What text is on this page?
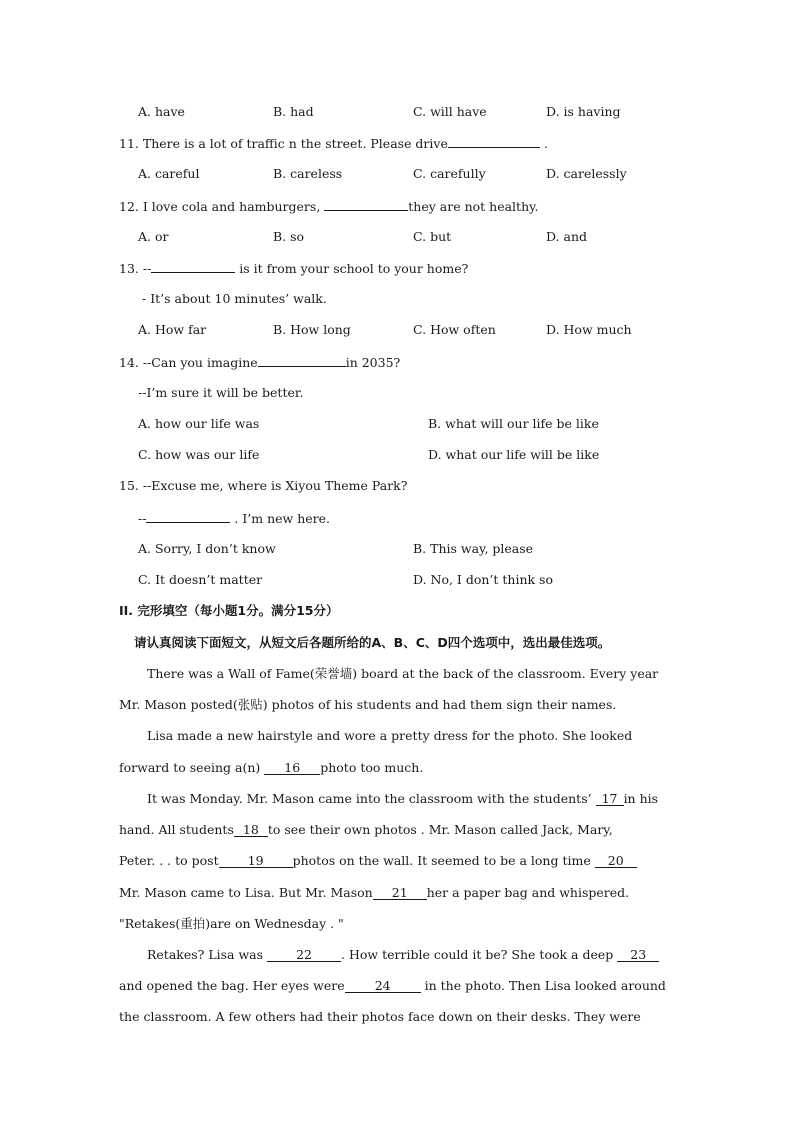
A. have	B. had	C. will have	D. is having
11. There is a lot of traffic n the street. Please drive	.
A. careful	B. careless	C. carefully	D. carelessly
12. I love cola and hamburgers,	they are not healthy.
A. or	B. so	C. but	D. and
13. --	is it from your school to your home?
- It’s about 10 minutes’ walk.
A. How far	B. How long	C. How often	D. How much
14. --Can you imagine	in 2035?
--I’m sure it will be better.
A. how our life was	B. what will our life be like
C. how was our life	D. what our life will be like
15. --Excuse me, where is Xiyou Theme Park?
--	. I’m new here.
A. Sorry, I don’t know	B. This way, please
C. It doesn’t matter	D. No, I don’t think so
II. 完形填空（每小题1分。满分15分）
请认真阅读下面短文，从短文后各题所给的A、B、C、D四个选项中，选出最佳选项。
There was a Wall of Fame(荣誉墙) board at the back of the classroom. Every year
Mr. Mason posted(张贴) photos of his students and had them sign their names.
Lisa made a new hairstyle and wore a pretty dress for the photo. She looked
forward to seeing a(n) 16 photo too much.
It was Monday. Mr. Mason came into the classroom with the students’ 17 in his
hand. All students 18 to see their own photos . Mr. Mason called Jack, Mary,
Peter. . . to post 19 photos on the wall. It seemed to be a long time 20
Mr. Mason came to Lisa. But Mr. Mason 21 her a paper bag and whispered.
"Retakes(重拍)are on Wednesday . "
Retakes? Lisa was 22 . How terrible could it be? She took a deep 23
and opened the bag. Her eyes were 24 in the photo. Then Lisa looked around
the classroom. A few others had their photos face down on their desks. They were
